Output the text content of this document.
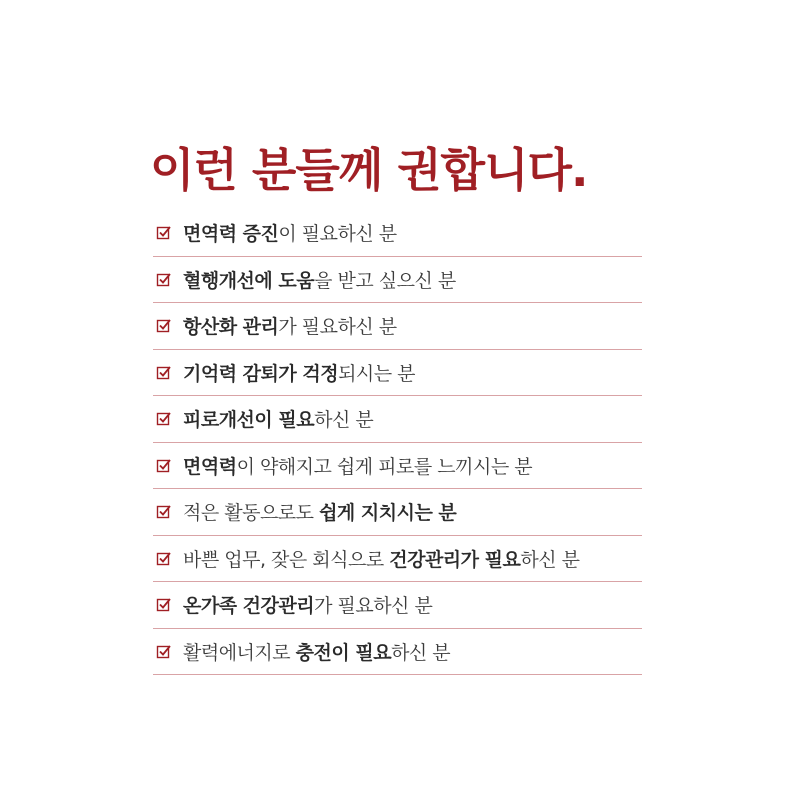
이런 분들께 권합니다.
면역력 증진이 필요하신 분
혈행개선에 도움을 받고 싶으신 분
항산화 관리가 필요하신 분
기억력 감퇴가 걱정되시는 분
피로개선이 필요하신 분
면역력이 약해지고 쉽게 피로를 느끼시는 분
적은 활동으로도 쉽게 지치시는 분
바쁜 업무, 잦은 회식으로 건강관리가 필요하신 분
온가족 건강관리가 필요하신 분
활력에너지로 충전이 필요하신 분
